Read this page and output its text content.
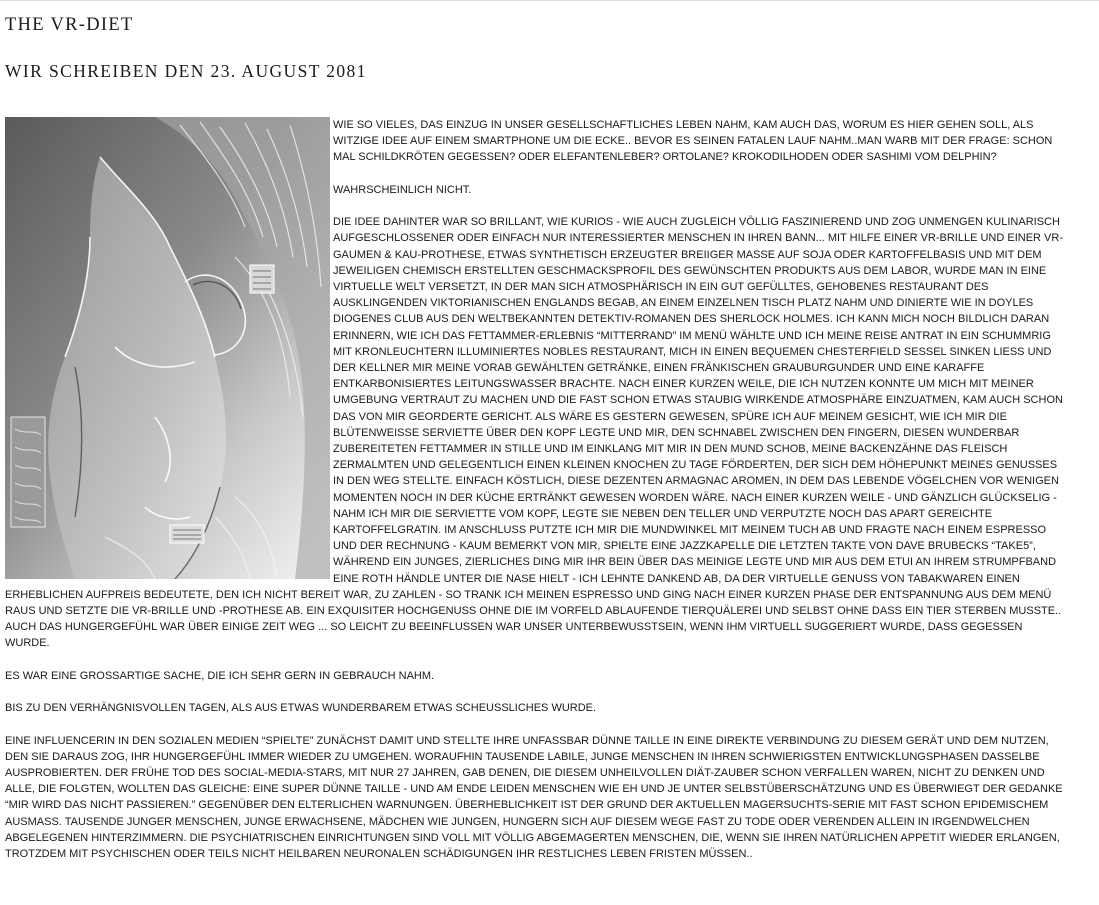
THE VR-DIET
WIR SCHREIBEN DEN 23. AUGUST 2081

WIE SO VIELES, DAS EINZUG IN UNSER GESELLSCHAFTLICHES LEBEN NAHM, KAM AUCH DAS, WORUM ES HIER GEHEN SOLL, ALS WITZIGE IDEE AUF EINEM SMARTPHONE UM DIE ECKE.. BEVOR ES SEINEN FATALEN LAUF NAHM..MAN WARB MIT DER FRAGE: SCHON MAL SCHILDKRÖTEN GEGESSEN? ODER ELEFANTENLEBER? ORTOLANE? KROKODILHODEN ODER SASHIMI VOM DELPHIN?

WAHRSCHEINLICH NICHT.

DIE IDEE DAHINTER WAR SO BRILLANT, WIE KURIOS - WIE AUCH ZUGLEICH VÖLLIG FASZINIEREND UND ZOG UNMENGEN KULINARISCH AUFGESCHLOSSENER ODER EINFACH NUR INTERESSIERTER MENSCHEN IN IHREN BANN... MIT HILFE EINER VR-BRILLE UND EINER VR-GAUMEN & KAU-PROTHESE, ETWAS SYNTHETISCH ERZEUGTER BREIIGER MASSE AUF SOJA ODER KARTOFFELBASIS UND MIT DEM JEWEILIGEN CHEMISCH ERSTELLTEN GESCHMACKSPROFIL DES GEWÜNSCHTEN PRODUKTS AUS DEM LABOR, WURDE MAN IN EINE VIRTUELLE WELT VERSETZT, IN DER MAN SICH ATMOSPHÄRISCH IN EIN GUT GEFÜLLTES, GEHOBENES RESTAURANT DES AUSKLINGENDEN VIKTORIANISCHEN ENGLANDS BEGAB, AN EINEM EINZELNEN TISCH PLATZ NAHM UND DINIERTE WIE IN DOYLES DIOGENES CLUB AUS DEN WELTBEKANNTEN DETEKTIV-ROMANEN DES SHERLOCK HOLMES. ICH KANN MICH NOCH BILDLICH DARAN ERINNERN, WIE ICH DAS FETTAMMER-ERLEBNIS “MITTERRAND” IM MENÜ WÄHLTE UND ICH MEINE REISE ANTRAT IN EIN SCHUMMRIG MIT KRONLEUCHTERN ILLUMINIERTES NOBLES RESTAURANT, MICH IN EINEN BEQUEMEN CHESTERFIELD SESSEL SINKEN LIESS UND DER KELLNER MIR MEINE VORAB GEWÄHLTEN GETRÄNKE, EINEN FRÄNKISCHEN GRAUBURGUNDER UND EINE KARAFFE ENTKARBONISIERTES LEITUNGSWASSER BRACHTE. NACH EINER KURZEN WEILE, DIE ICH NUTZEN KONNTE UM MICH MIT MEINER UMGEBUNG VERTRAUT ZU MACHEN UND DIE FAST SCHON ETWAS STAUBIG WIRKENDE ATMOSPHÄRE EINZUATMEN, KAM AUCH SCHON DAS VON MIR GEORDERTE GERICHT. ALS WÄRE ES GESTERN GEWESEN, SPÜRE ICH AUF MEINEM GESICHT, WIE ICH MIR DIE BLÜTENWEISSE SERVIETTE ÜBER DEN KOPF LEGTE UND MIR, DEN SCHNABEL ZWISCHEN DEN FINGERN, DIESEN WUNDERBAR ZUBEREITETEN FETTAMMER IN STILLE UND IM EINKLANG MIT MIR IN DEN MUND SCHOB, MEINE BACKENZÄHNE DAS FLEISCH ZERMALMTEN UND GELEGENTLICH EINEN KLEINEN KNOCHEN ZU TAGE FÖRDERTEN, DER SICH DEM HÖHEPUNKT MEINES GENUSSES IN DEN WEG STELLTE. EINFACH KÖSTLICH, DIESE DEZENTEN ARMAGNAC AROMEN, IN DEM DAS LEBENDE VÖGELCHEN VOR WENIGEN MOMENTEN NOCH IN DER KÜCHE ERTRÄNKT GEWESEN WORDEN WÄRE. NACH EINER KURZEN WEILE - UND GÄNZLICH GLÜCKSELIG - NAHM ICH MIR DIE SERVIETTE VOM KOPF, LEGTE SIE NEBEN DEN TELLER UND VERPUTZTE NOCH DAS APART GEREICHTE KARTOFFELGRATIN. IM ANSCHLUSS PUTZTE ICH MIR DIE MUNDWINKEL MIT MEINEM TUCH AB UND FRAGTE NACH EINEM ESPRESSO UND DER RECHNUNG - KAUM BEMERKT VON MIR, SPIELTE EINE JAZZKAPELLE DIE LETZTEN TAKTE VON DAVE BRUBECKS “TAKE5”, WÄHREND EIN JUNGES, ZIERLICHES DING MIR IHR BEIN ÜBER DAS MEINIGE LEGTE UND MIR AUS DEM ETUI AN IHREM STRUMPFBAND EINE ROTH HÄNDLE UNTER DIE NASE HIELT - ICH LEHNTE DANKEND AB, DA DER VIRTUELLE GENUSS VON TABAKWAREN EINEN ERHEBLICHEN AUFPREIS BEDEUTETE, DEN ICH NICHT BEREIT WAR, ZU ZAHLEN - SO TRANK ICH MEINEN ESPRESSO UND GING NACH EINER KURZEN PHASE DER ENTSPANNUNG AUS DEM MENÜ RAUS UND SETZTE DIE VR-BRILLE UND -PROTHESE AB. EIN EXQUISITER HOCHGENUSS OHNE DIE IM VORFELD ABLAUFENDE TIERQUÄLEREI UND SELBST OHNE DASS EIN TIER STERBEN MUSSTE.. AUCH DAS HUNGERGEFÜHL WAR ÜBER EINIGE ZEIT WEG ... SO LEICHT ZU BEEINFLUSSEN WAR UNSER UNTERBEWUSSTSEIN, WENN IHM VIRTUELL SUGGERIERT WURDE, DASS GEGESSEN WURDE.

ES WAR EINE GROSSARTIGE SACHE, DIE ICH SEHR GERN IN GEBRAUCH NAHM.

BIS ZU DEN VERHÄNGNISVOLLEN TAGEN, ALS AUS ETWAS WUNDERBAREM ETWAS SCHEUSSLICHES WURDE.

EINE INFLUENCERIN IN DEN SOZIALEN MEDIEN “SPIELTE” ZUNÄCHST DAMIT UND STELLTE IHRE UNFASSBAR DÜNNE TAILLE IN EINE DIREKTE VERBINDUNG ZU DIESEM GERÄT UND DEM NUTZEN, DEN SIE DARAUS ZOG, IHR HUNGERGEFÜHL IMMER WIEDER ZU UMGEHEN. WORAUFHIN TAUSENDE LABILE, JUNGE MENSCHEN IN IHREN SCHWIERIGSTEN ENTWICKLUNGSPHASEN DASSELBE AUSPROBIERTEN. DER FRÜHE TOD DES SOCIAL-MEDIA-STARS, MIT NUR 27 JAHREN, GAB DENEN, DIE DIESEM UNHEILVOLLEN DIÄT-ZAUBER SCHON VERFALLEN WAREN, NICHT ZU DENKEN UND ALLE, DIE FOLGTEN, WOLLTEN DAS GLEICHE: EINE SUPER DÜNNE TAILLE - UND AM ENDE LEIDEN MENSCHEN WIE EH UND JE UNTER SELBSTÜBERSCHÄTZUNG UND ES ÜBERWIEGT DER GEDANKE “MIR WIRD DAS NICHT PASSIEREN.” GEGENÜBER DEN ELTERLICHEN WARNUNGEN. ÜBERHEBLICHKEIT IST DER GRUND DER AKTUELLEN MAGERSUCHTS-SERIE MIT FAST SCHON EPIDEMISCHEM AUSMASS. TAUSENDE JUNGER MENSCHEN, JUNGE ERWACHSENE, MÄDCHEN WIE JUNGEN, HUNGERN SICH AUF DIESEM WEGE FAST ZU TODE ODER VERENDEN ALLEIN IN IRGENDWELCHEN ABGELEGENEN HINTERZIMMERN. DIE PSYCHIATRISCHEN EINRICHTUNGEN SIND VOLL MIT VÖLLIG ABGEMAGERTEN MENSCHEN, DIE, WENN SIE IHREN NATÜRLICHEN APPETIT WIEDER ERLANGEN, TROTZDEM MIT PSYCHISCHEN ODER TEILS NICHT HEILBAREN NEURONALEN SCHÄDIGUNGEN IHR RESTLICHES LEBEN FRISTEN MÜSSEN..
